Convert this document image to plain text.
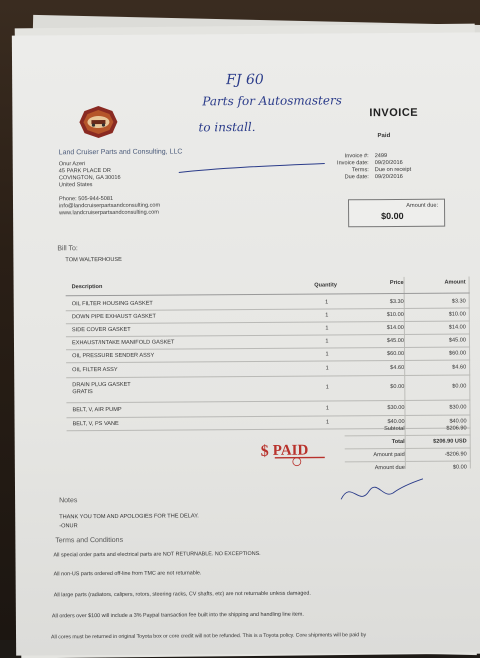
Land Cruiser Parts and Consulting, LLC
Onur Azeri
45 PARK PLACE DR
COVINGTON, GA 30016
United States
Phone: 505-944-5081
info@landcruiserpartsandconsulting.com
www.landcruiserpartsandconsulting.com
FJ 60
Parts for Autosmasters
to install.
INVOICE
Paid
Invoice #: 2499
Invoice date: 09/20/2016
Terms: Due on receipt
Due date: 09/20/2016
Amount due:
$0.00
Bill To:
TOM WALTERHOUSE
Description	Quantity	Price	Amount
OIL FILTER HOUSING GASKET	1	$3.30	$3.30
DOWN PIPE EXHAUST GASKET	1	$10.00	$10.00
SIDE COVER GASKET	1	$14.00	$14.00
EXHAUST/INTAKE MANIFOLD GASKET	1	$45.00	$45.00
OIL PRESSURE SENDER ASSY	1	$60.00	$60.00
OIL FILTER ASSY	1	$4.60	$4.60
DRAIN PLUG GASKET
GRATIS
1	$0.00	$0.00
BELT, V, AIR PUMP	1	$30.00	$30.00
BELT, V, PS VANE	1	$40.00	$40.00
Subtotal	$206.90
Total	$206.90 USD
Amount paid	-$206.90
Amount due	$0.00
$ PAID
Notes
THANK YOU TOM AND APOLOGIES FOR THE DELAY.
-ONUR
Terms and Conditions
All special order parts and electrical parts are NOT RETURNABLE. NO EXCEPTIONS.
All non-US parts ordered off-line from TMC are not returnable.
All large parts (radiators, calipers, rotors, steering racks, CV shafts, etc) are not returnable unless damaged.
All orders over $100 will include a 3% Paypal transaction fee built into the shipping and handling line item.
All cores must be returned in original Toyota box or core credit will not be refunded. This is a Toyota policy. Core shipments will be paid by
